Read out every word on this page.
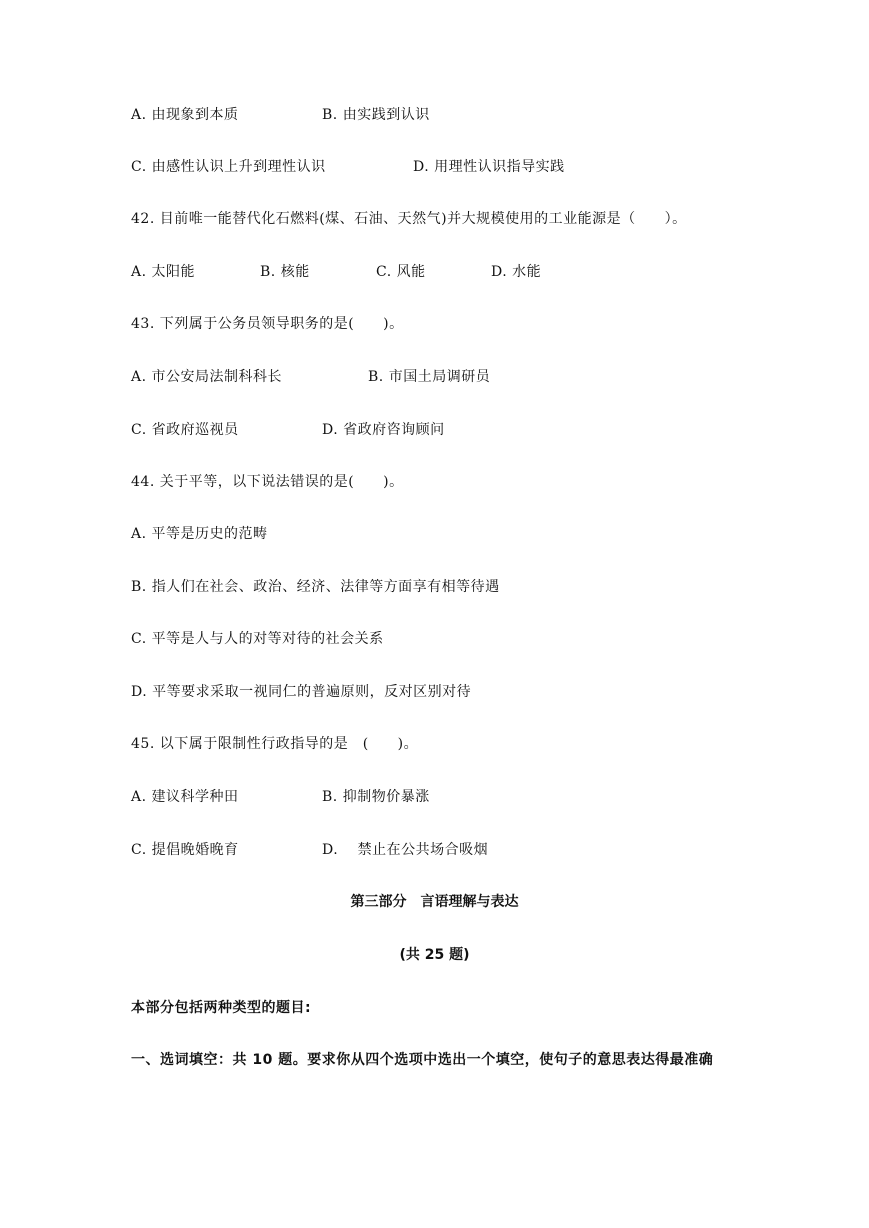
A. 由现象到本质	B. 由实践到认识
C. 由感性认识上升到理性认识	D. 用理性认识指导实践
42. 目前唯一能替代化石燃料(煤、石油、天然气)并大规模使用的工业能源是（　　）。
A. 太阳能	B. 核能	C. 风能	D. 水能
43. 下列属于公务员领导职务的是(　　)。
A. 市公安局法制科科长	B. 市国土局调研员
C. 省政府巡视员	D. 省政府咨询顾问
44. 关于平等，以下说法错误的是(　　)。
A. 平等是历史的范畴
B. 指人们在社会、政治、经济、法律等方面享有相等待遇
C. 平等是人与人的对等对待的社会关系
D. 平等要求采取一视同仁的普遍原则，反对区别对待
45. 以下属于限制性行政指导的是　(　　)。
A. 建议科学种田	B. 抑制物价暴涨
C. 提倡晚婚晚育	D.　 禁止在公共场合吸烟
第三部分　言语理解与表达
(共 25 题)
本部分包括两种类型的题目:
一、选词填空：共 10 题。要求你从四个选项中选出一个填空，使句子的意思表达得最准确
